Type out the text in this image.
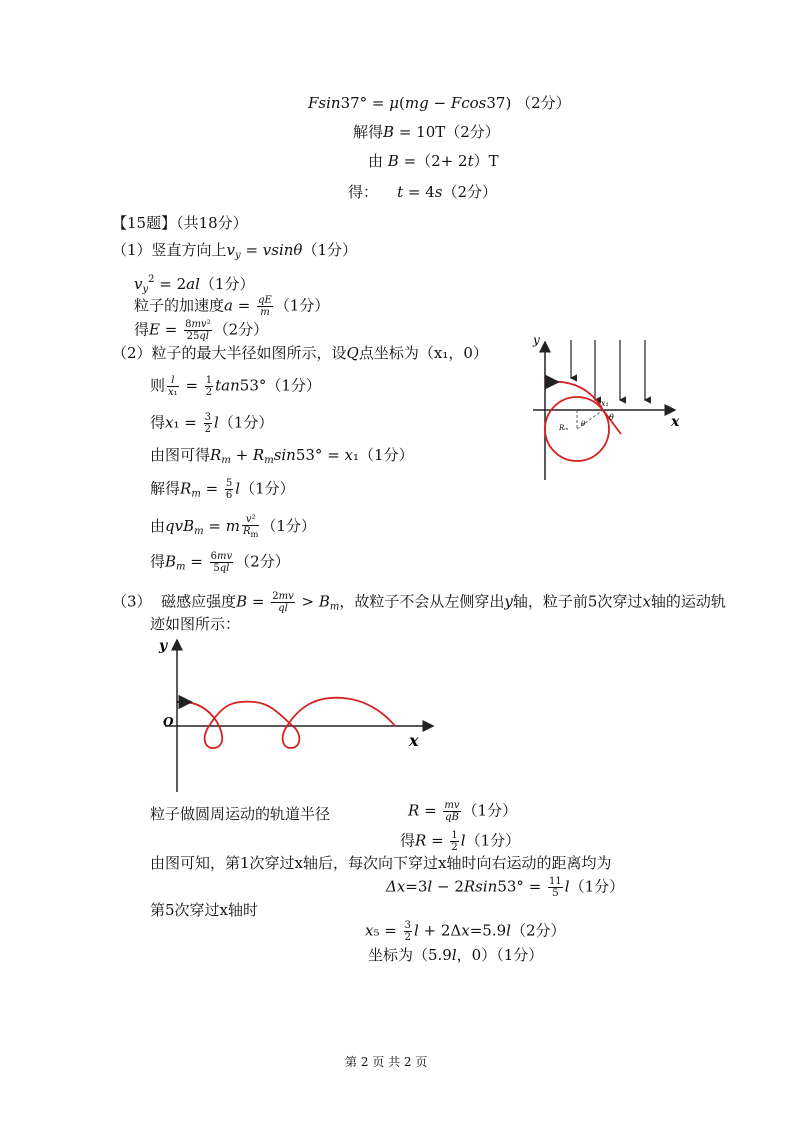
Fsin37° = μ(mg − Fcos37) （2分）
解得B = 10T（2分）
由 B =（2+ 2t）T
得： t = 4s（2分）
【15题】（共18分）
（1）竖直方向上$v_y = vsin\theta(1$分）
$v_y^2 = 2al(1$分）
粒子的加速度$a = \frac{qE}{m} (1$分）
得$E = \frac{\text{8mv²}}{25ql} (2$分）
（2）粒子的最大半径如图所示，设Q点坐标为（x₁，0）
则 $\frac{l}{\text{x₁}} = \frac{1}{2} \tan 53^\circ(1$分）
得$x_1 = \frac{3}{2} l(1$分）
由图可得$R_m + R_m\sin 53^\circ = x_1(1$分）
解得$R_m = \frac{5}{6} l(1$分）
由qvB$_m$ = m $\frac{\text{v²}}{R_m} (1$分）
得$B_m = \frac{6mv}{5ql} (2$分）
y
x
x₁
θ
Rₘ θ
（3） 磁感应强度$B = \frac{2mv}{ql} > B_m$，故粒子不会从左侧穿出y轴，粒子前5次穿过x轴的运动轨
迹如图所示：
y
x
O
粒子做圆周运动的轨道半径	$R = \frac{mv}{qB} (1$分）
得$R = \frac{1}{2} l(1$分）
由图可知，第1次穿过x轴后，每次向下穿过x轴时向右运动的距离均为
$\Delta x=3l - 2Rsin53^\circ = \frac{11}{5} l(1$分）
第5次穿过x轴时
$x_5 = \frac{3}{2}$ l + 2Δx=5.9l（2分）
坐标为（5.9l，0）（1分）
第 2 页 共 2 页
